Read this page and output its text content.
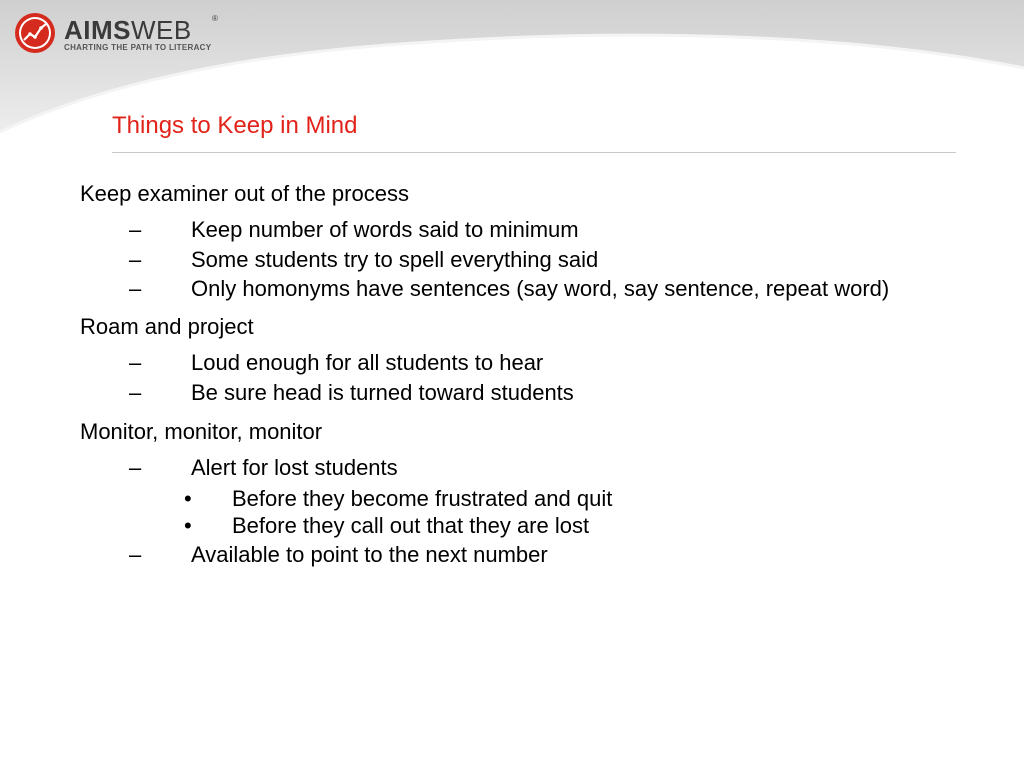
AIMSWEB	®
CHARTING THE PATH TO LITERACY
Things to Keep in Mind
Keep examiner out of the process
– Keep number of words said to minimum
– Some students try to spell everything said
– Only homonyms have sentences (say word, say sentence, repeat word)
Roam and project
– Loud enough for all students to hear
– Be sure head is turned toward students
Monitor, monitor, monitor
– Alert for lost students
• Before they become frustrated and quit
• Before they call out that they are lost
– Available to point to the next number
